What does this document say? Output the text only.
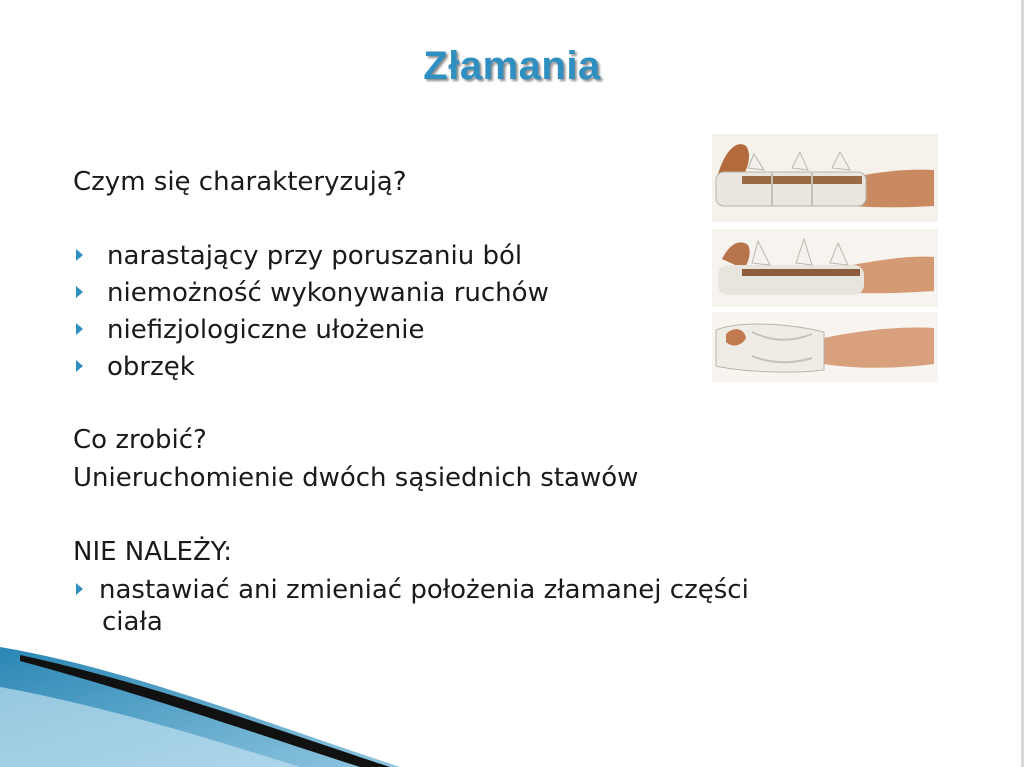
Złamania
Czym się charakteryzują?
narastający przy poruszaniu ból
niemożność wykonywania ruchów
niefizjologiczne ułożenie
obrzęk
Co zrobić?
Unieruchomienie dwóch sąsiednich stawów
NIE NALEŻY:
nastawiać ani zmieniać położenia złamanej części
ciała
